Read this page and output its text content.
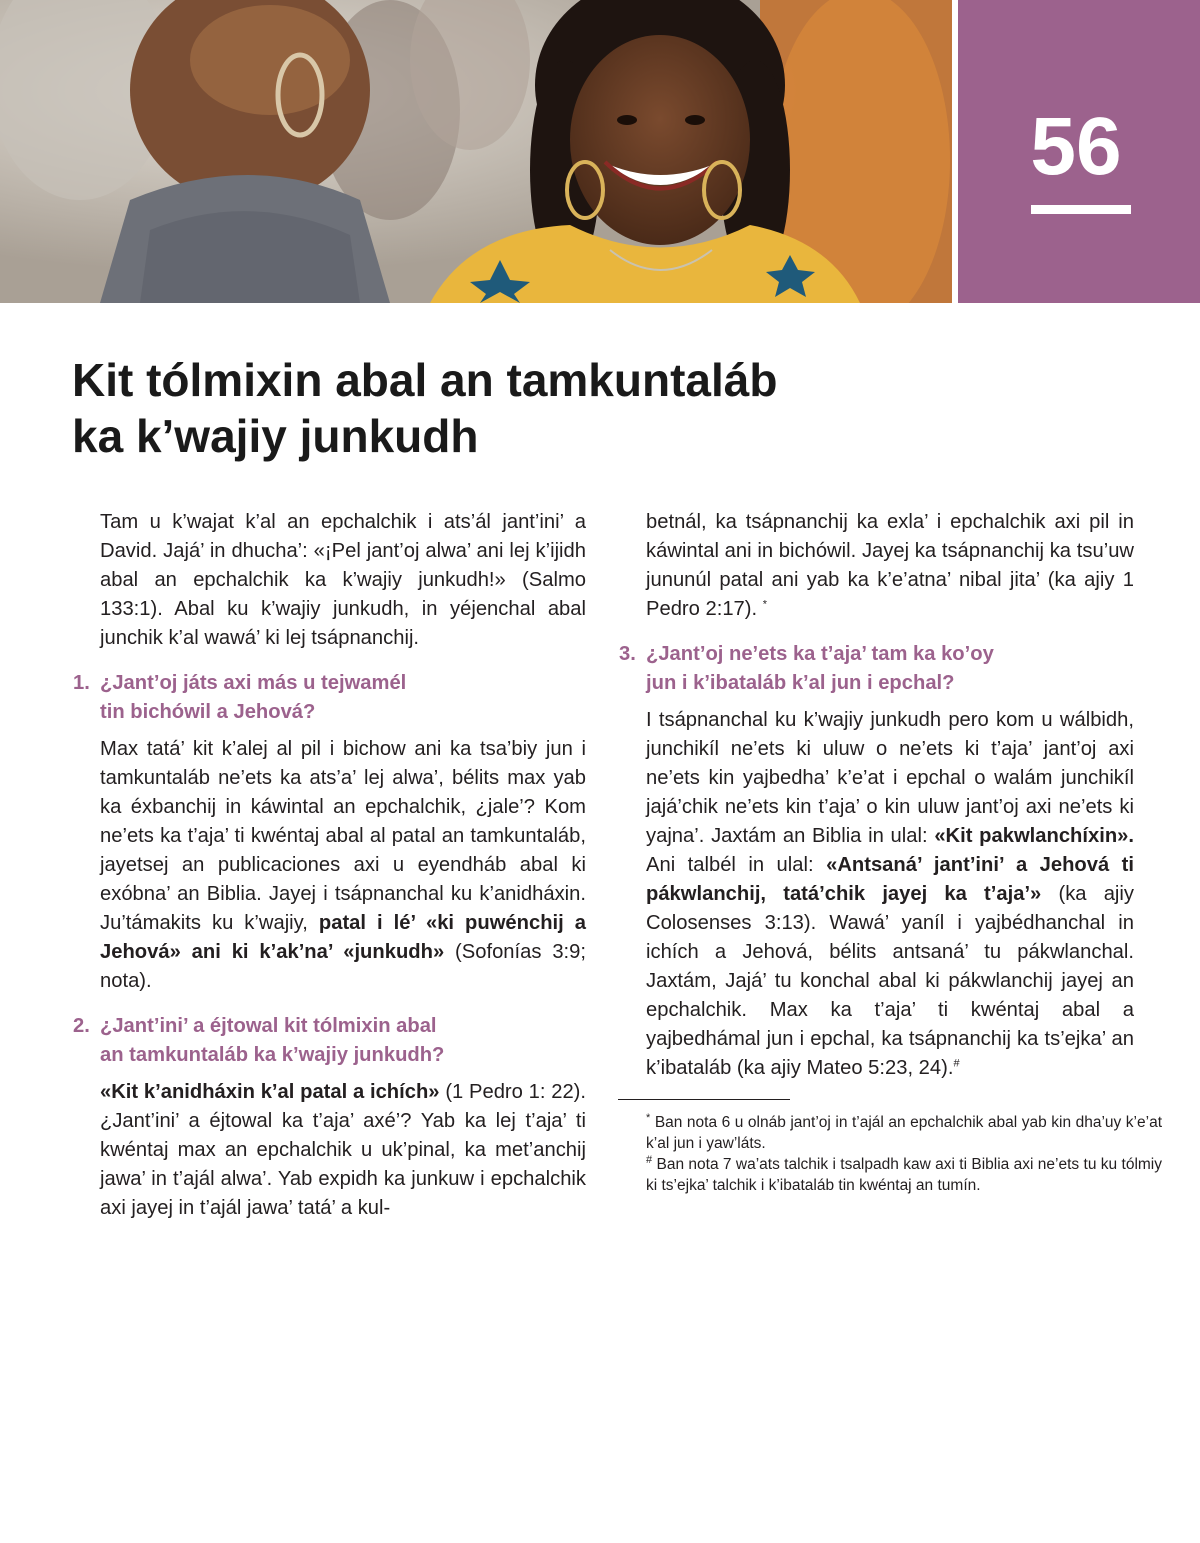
56
Kit tólmixin abal an tamkuntaláb
ka k’wajiy junkudh

Tam u k’wajat k’al an epchalchik i ats’ál jant’ini’ a David. Jajá’ in dhucha’: «¡Pel jant’oj alwa’ ani lej k’ijidh abal an epchalchik ka k’wajiy junkudh!» (Salmo 133:1). Abal ku k’wajiy junkudh, in yéjenchal abal junchik k’al wawá’ ki lej tsápnanchij.

1. ¿Jant’oj játs axi más u tejwamél
tin bichówil a Jehová?

Max tatá’ kit k’alej al pil i bichow ani ka tsa’biy jun i tamkuntaláb ne’ets ka ats’a’ lej alwa’, bélits max yab ka éxbanchij in káwintal an epchalchik, ¿jale’? Kom ne’ets ka t’aja’ ti kwéntaj abal al patal an tamkuntaláb, jayetsej an publicaciones axi u eyendháb abal ki exóbna’ an Biblia. Jayej i tsápnanchal ku k’anidháxin. Ju’támakits ku k’wajiy, patal i lé’ «ki puwénchij a Jehová» ani ki k’ak’na’ «junkudh» (Sofonías 3:9; nota).

2. ¿Jant’ini’ a éjtowal kit tólmixin abal
an tamkuntaláb ka k’wajiy junkudh?

«Kit k’anidháxin k’al patal a ichích» (1 Pedro 1: 22). ¿Jant’ini’ a éjtowal ka t’aja’ axé’? Yab ka lej t’aja’ ti kwéntaj max an epchalchik u uk’pinal, ka met’anchij jawa’ in t’ajál alwa’. Yab expidh ka junkuw i epchalchik axi jayej in t’ajál jawa’ tatá’ a kul-

betnál, ka tsápnanchij ka exla’ i epchalchik axi pil in káwintal ani in bichówil. Jayej ka tsápnanchij ka tsu’uw jununúl patal ani yab ka k’e’atna’ nibal jita’ (ka ajiy 1 Pedro 2:17). *

3. ¿Jant’oj ne’ets ka t’aja’ tam ka ko’oy
jun i k’ibataláb k’al jun i epchal?

I tsápnanchal ku k’wajiy junkudh pero kom u wálbidh, junchikíl ne’ets ki uluw o ne’ets ki t’aja’ jant’oj axi ne’ets kin yajbedha’ k’e’at i epchal o walám junchikíl jajá’chik ne’ets kin t’aja’ o kin uluw jant’oj axi ne’ets ki yajna’. Jaxtám an Biblia in ulal: «Kit pakwlanchíxin». Ani talbél in ulal: «Antsaná’ jant’ini’ a Jehová ti pákwlanchij, tatá’chik jayej ka t’aja’» (ka ajiy Colosenses 3:13). Wawá’ yaníl i yajbédhanchal in ichích a Jehová, bélits antsaná’ tu pákwlanchal. Jaxtám, Jajá’ tu konchal abal ki pákwlanchij jayej an epchalchik. Max ka t’aja’ ti kwéntaj abal a yajbedhámal jun i epchal, ka tsápnanchij ka ts’ejka’ an k’ibataláb (ka ajiy Mateo 5:23, 24).#

* Ban nota 6 u olnáb jant’oj in t’ajál an epchalchik abal yab kin dha’uy k’e’at k’al jun i yaw’láts.

# Ban nota 7 wa’ats talchik i tsalpadh kaw axi ti Biblia axi ne’ets tu ku tólmiy ki ts’ejka’ talchik i k’ibataláb tin kwéntaj an tumín.
